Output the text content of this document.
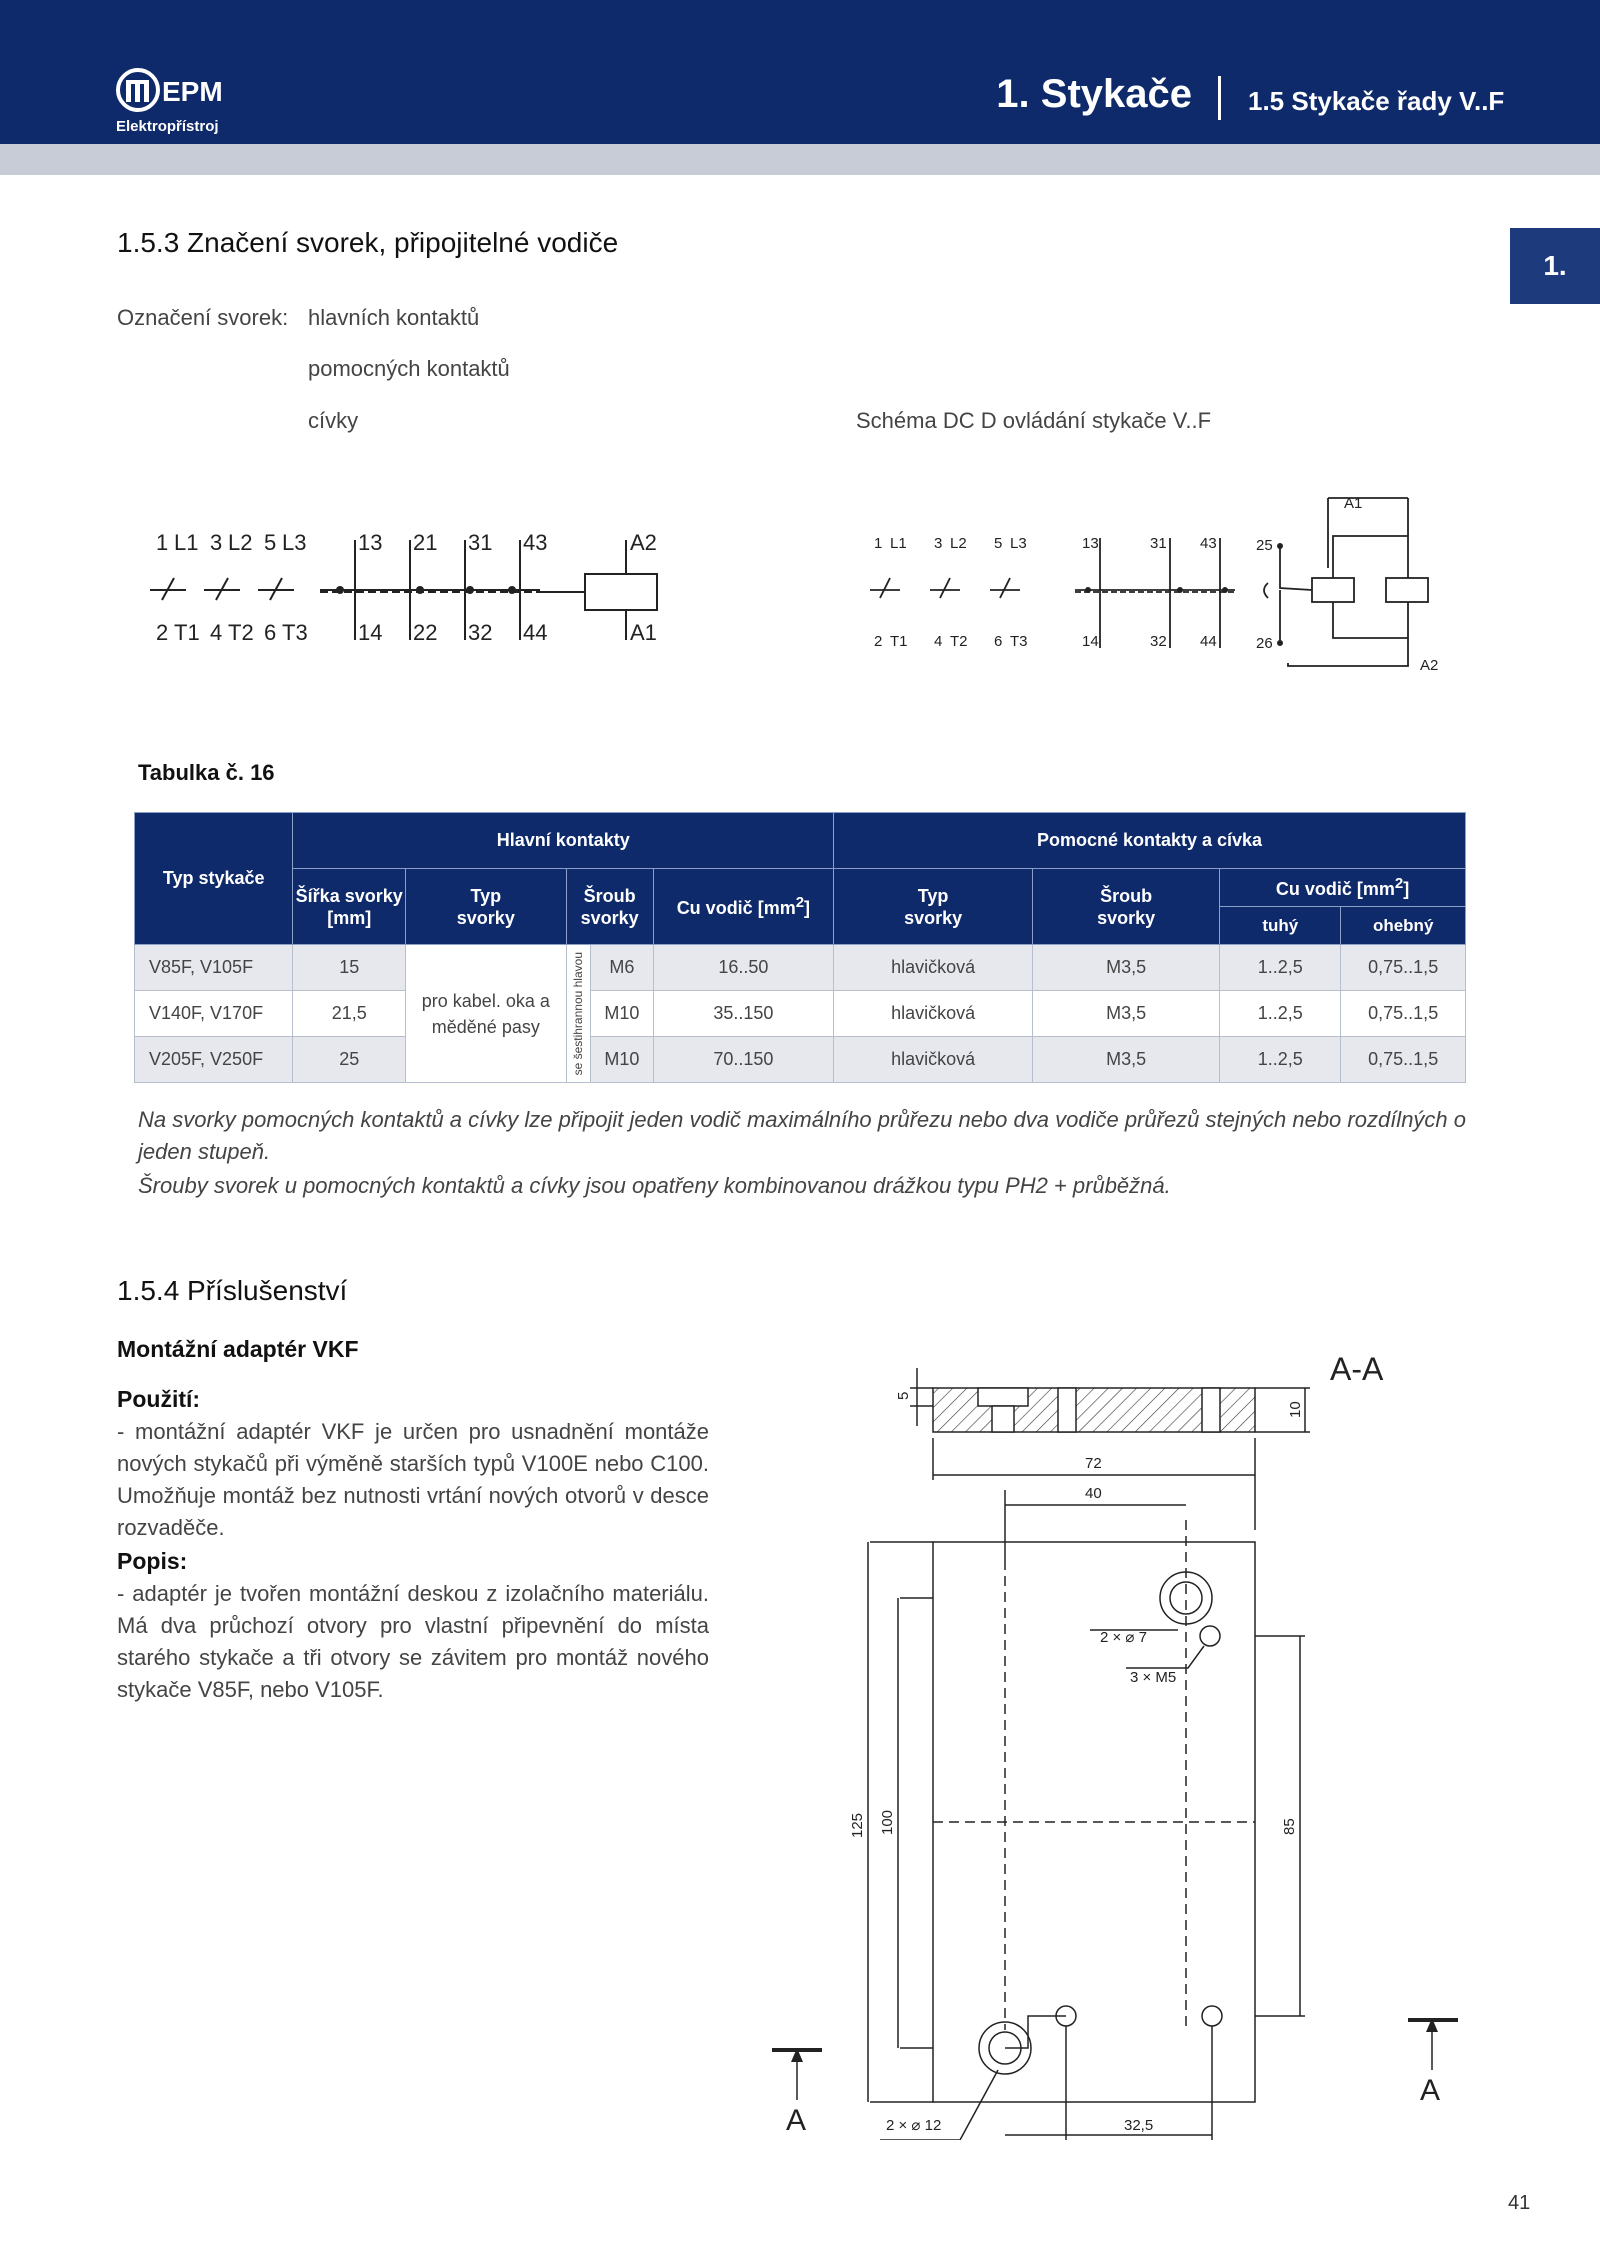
EPM
Elektropřístroj
1. Stykače 1.5 Stykače řady V..F
1.
1.5.3 Značení svorek, připojitelné vodiče
Označení svorek: hlavních kontaktů
pomocných kontaktů
cívky	Schéma DC D ovládání stykače V..F
1 L1 3 L2 5 L3 13 21 31 43	A2
2 T1 4 T2 6 T3 14 22 32 44	A1
1 L1 3 L2 5 L3	13	31 43	25
2 T1 4 T2 6 T3	14	32 44	26
A1
A2
Tabulka č. 16
Typ stykače	Hlavní kontakty					Pomocné kontakty a cívka			
	Šířka svorky [mm]	Typ svorky	Šroub svorky		Cu vodič $[mm^2]$	Typ svorky	Šroub svorky	Cu vodič $[mm^2]$	
								tuhý	ohebný
V85F, V105F	15	pro kabel. oka a měděné pasy	se šestihrannou hlavou	M6	16..50	hlavičková	M3,5	1..2,5	0,75..1,5
V140F, V170F	21,5			M10	35..150	hlavičková	M3,5	1..2,5	0,75..1,5
V205F, V250F	25			M10	70..150	hlavičková	M3,5	1..2,5	0,75..1,5
Na svorky pomocných kontaktů a cívky lze připojit jeden vodič maximálního průřezu nebo dva vodiče průřezů stejných nebo rozdílných o jeden stupeň.
Šrouby svorek u pomocných kontaktů a cívky jsou opatřeny kombinovanou drážkou typu PH2 + průběžná.
1.5.4 Příslušenství
Montážní adaptér VKF
Použití:
- montážní adaptér VKF je určen pro usnadnění montáže nových stykačů při výměně starších typů V100E nebo C100. Umožňuje montáž bez nutnosti vrtání nových otvorů v desce rozvaděče.
Popis:
- adaptér je tvořen montážní deskou z izolačního materiálu. Má dva průchozí otvory pro vlastní připevnění do místa starého stykače a tři otvory se závitem pro montáž nového stykače V85F, nebo V105F.
A-A
5
10
72
40
2 × ⌀ 7
3 × M5
125 100	85
2 × ⌀ 12	32,5
A
A
41
